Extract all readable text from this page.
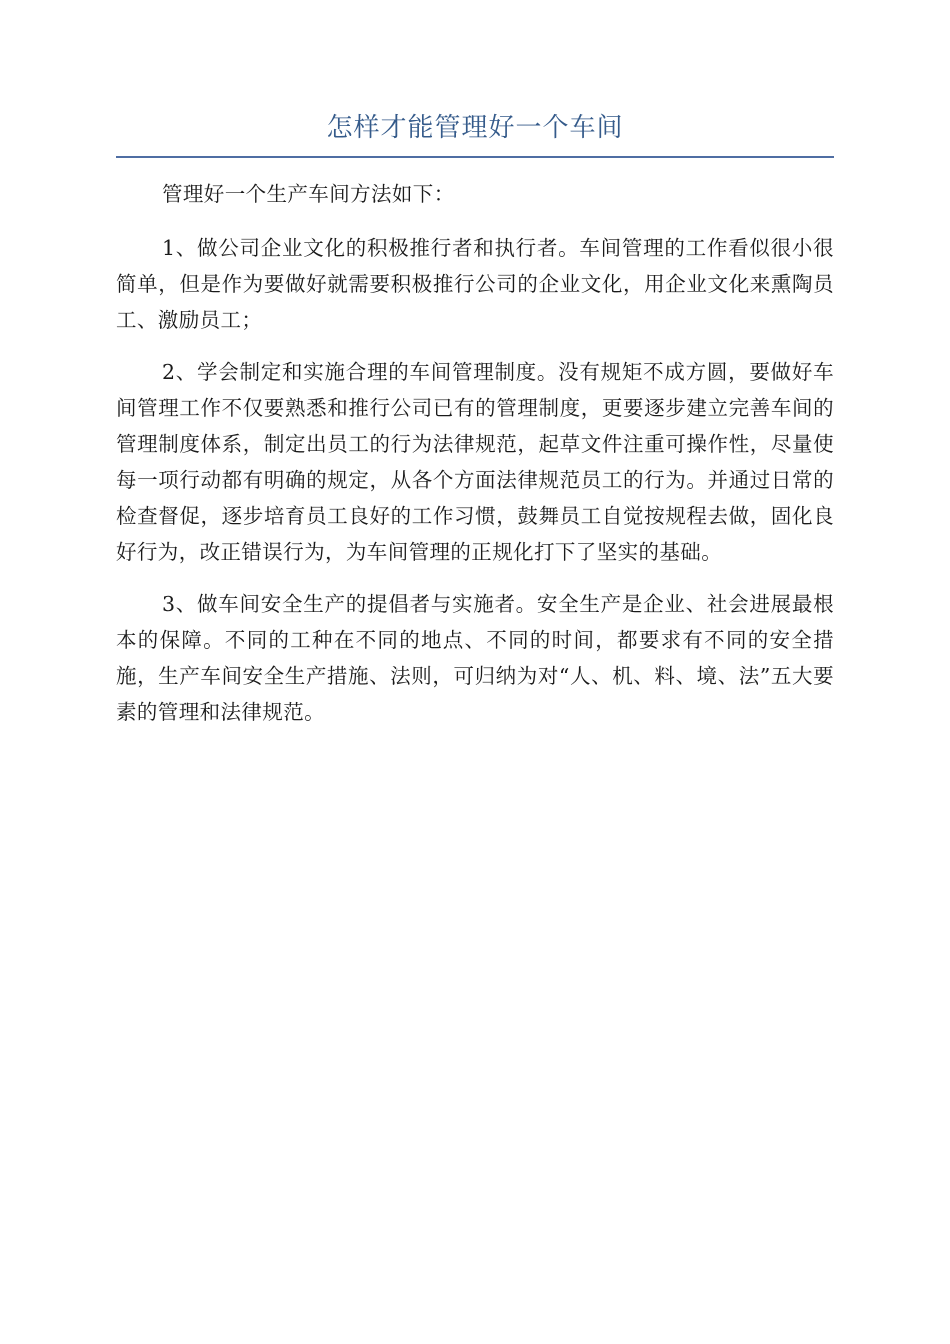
怎样才能管理好一个车间

管理好一个生产车间方法如下：

1、做公司企业文化的积极推行者和执行者。车间管理的工作看似很小很简单，但是作为要做好就需要积极推行公司的企业文化，用企业文化来熏陶员工、激励员工；

2、学会制定和实施合理的车间管理制度。没有规矩不成方圆，要做好车间管理工作不仅要熟悉和推行公司已有的管理制度，更要逐步建立完善车间的管理制度体系，制定出员工的行为法律规范，起草文件注重可操作性，尽量使每一项行动都有明确的规定，从各个方面法律规范员工的行为。并通过日常的检查督促，逐步培育员工良好的工作习惯，鼓舞员工自觉按规程去做，固化良好行为，改正错误行为，为车间管理的正规化打下了坚实的基础。

3、做车间安全生产的提倡者与实施者。安全生产是企业、社会进展最根本的保障。不同的工种在不同的地点、不同的时间，都要求有不同的安全措施，生产车间安全生产措施、法则，可归纳为对“人、机、料、境、法”五大要素的管理和法律规范。
